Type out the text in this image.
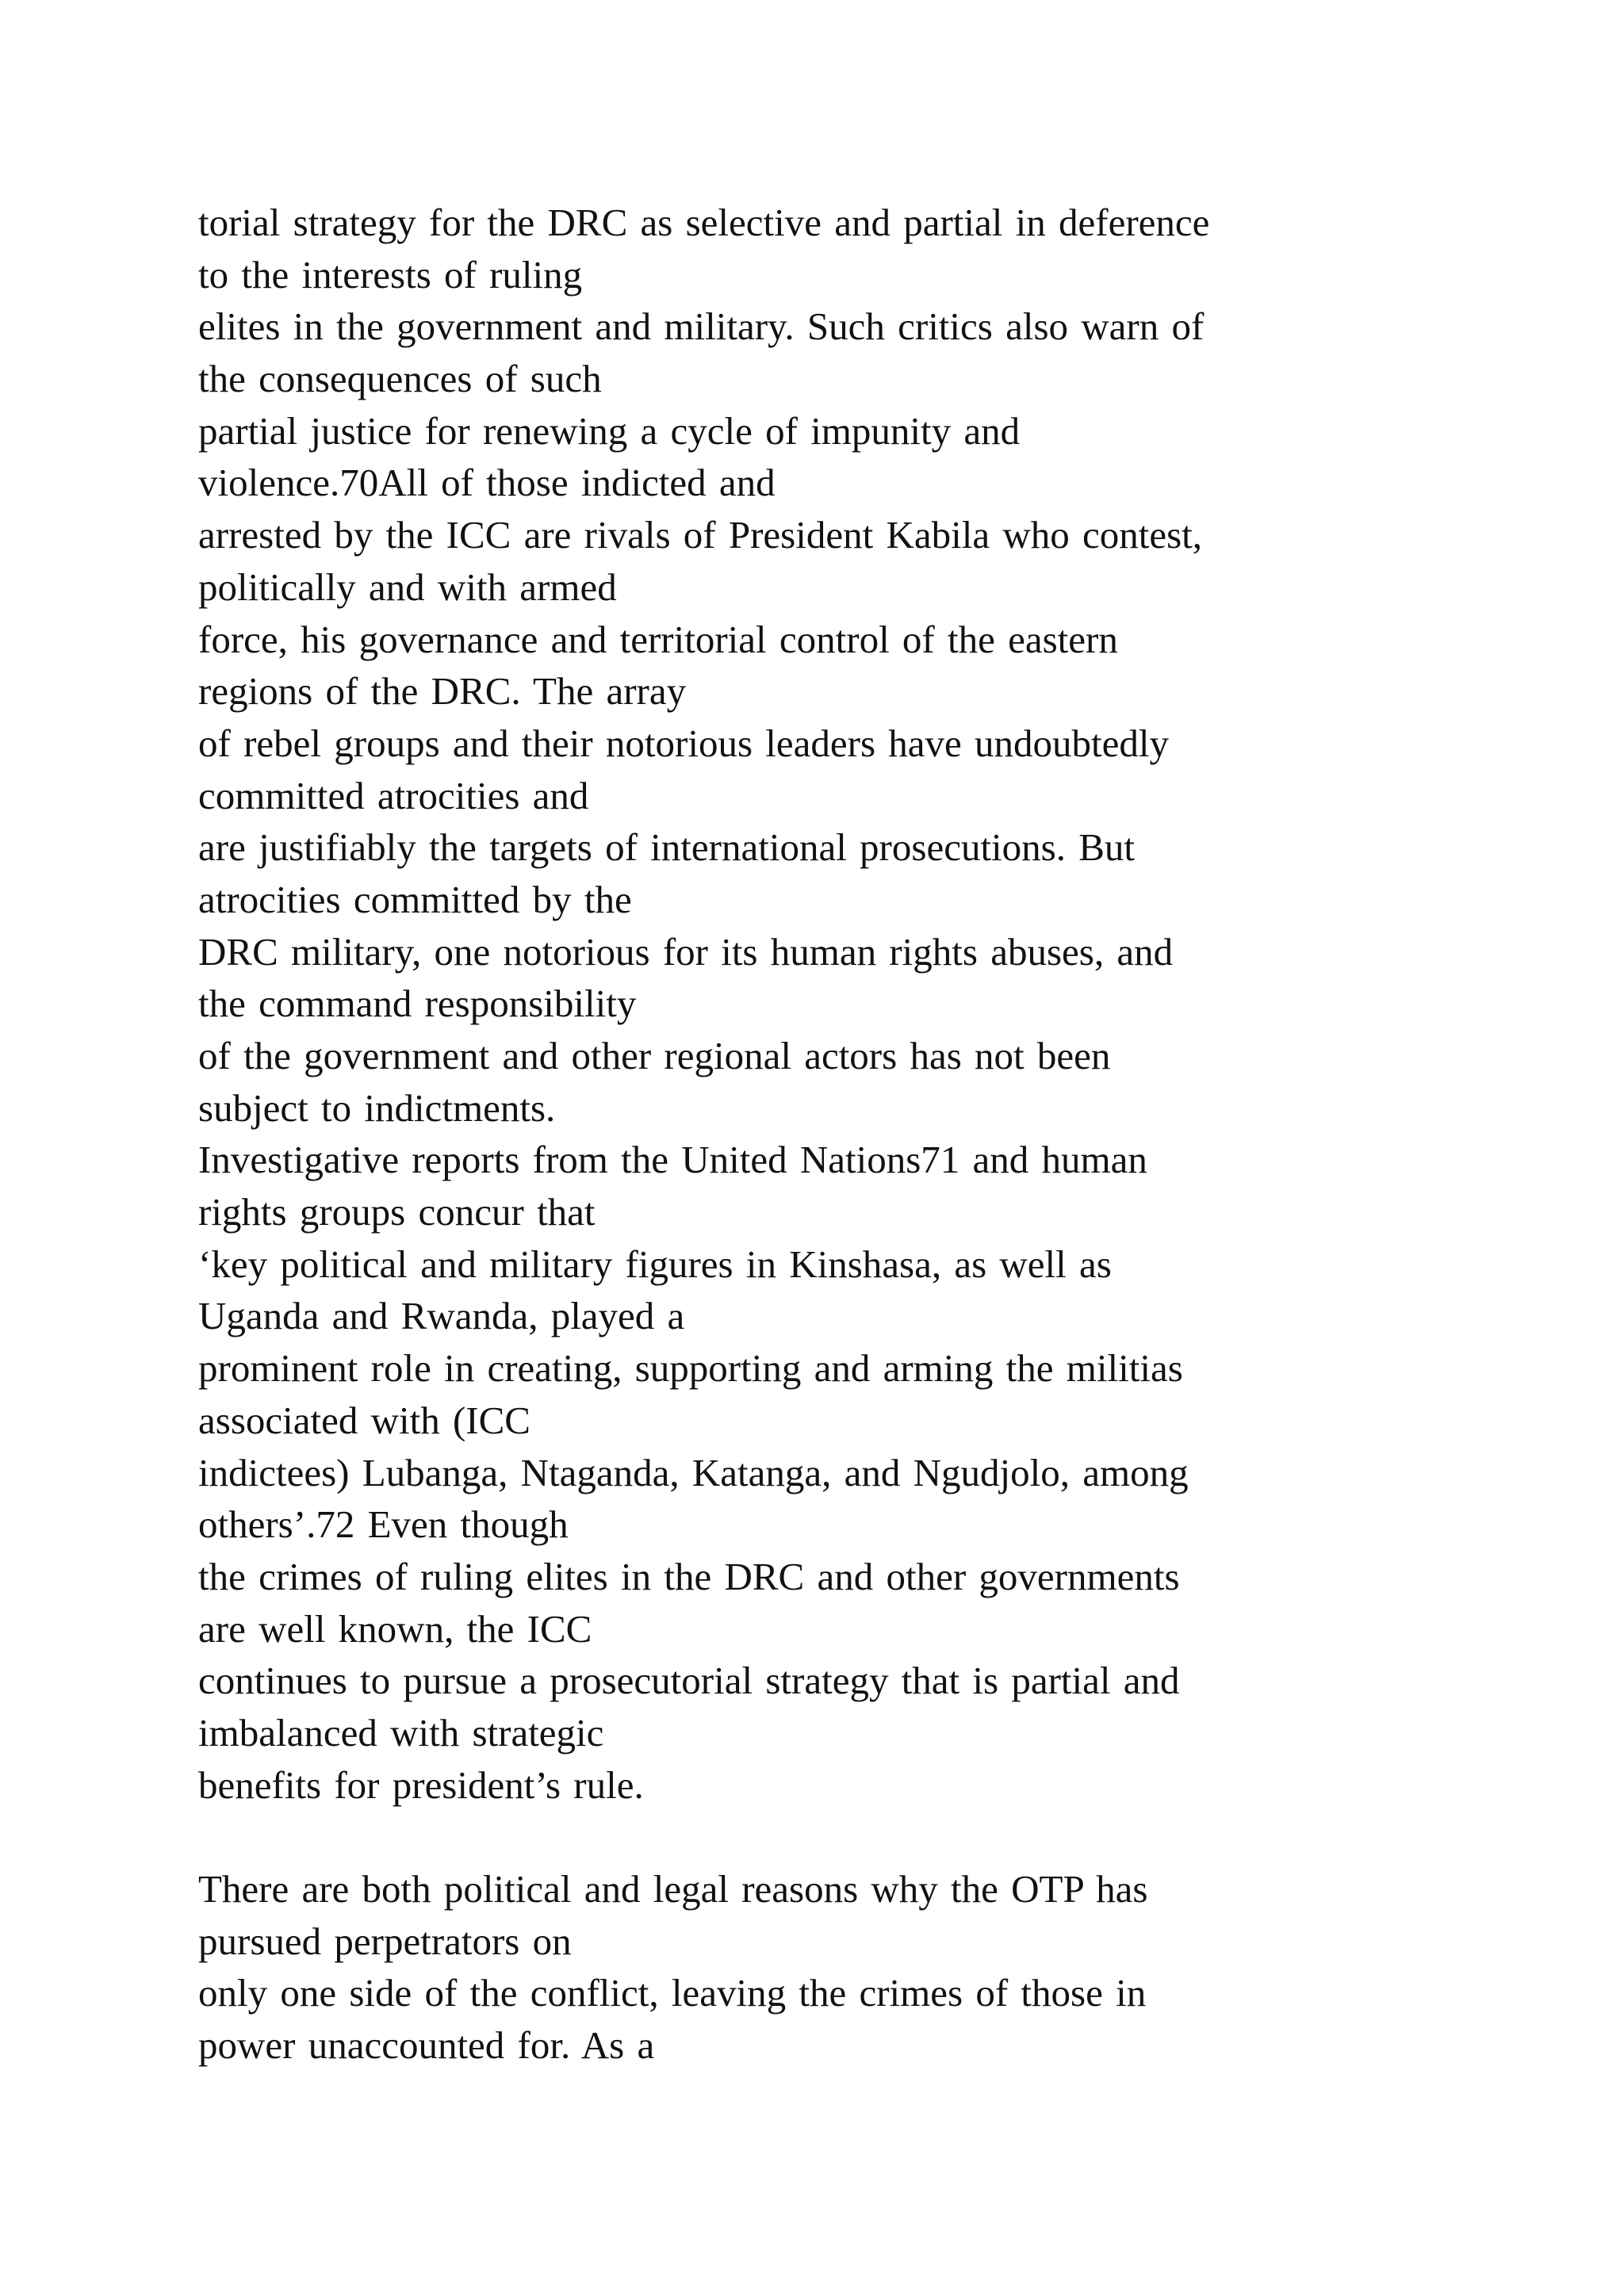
torial strategy for the DRC as selective and partial in deference
to the interests of ruling
elites in the government and military. Such critics also warn of
the consequences of such
partial justice for renewing a cycle of impunity and
violence.70All of those indicted and
arrested by the ICC are rivals of President Kabila who contest,
politically and with armed
force, his governance and territorial control of the eastern
regions of the DRC. The array
of rebel groups and their notorious leaders have undoubtedly
committed atrocities and
are justifiably the targets of international prosecutions. But
atrocities committed by the
DRC military, one notorious for its human rights abuses, and
the command responsibility
of the government and other regional actors has not been
subject to indictments.
Investigative reports from the United Nations71 and human
rights groups concur that
‘key political and military figures in Kinshasa, as well as
Uganda and Rwanda, played a
prominent role in creating, supporting and arming the militias
associated with (ICC
indictees) Lubanga, Ntaganda, Katanga, and Ngudjolo, among
others’.72 Even though
the crimes of ruling elites in the DRC and other governments
are well known, the ICC
continues to pursue a prosecutorial strategy that is partial and
imbalanced with strategic
benefits for president’s rule.
There are both political and legal reasons why the OTP has
pursued perpetrators on
only one side of the conflict, leaving the crimes of those in
power unaccounted for. As a
